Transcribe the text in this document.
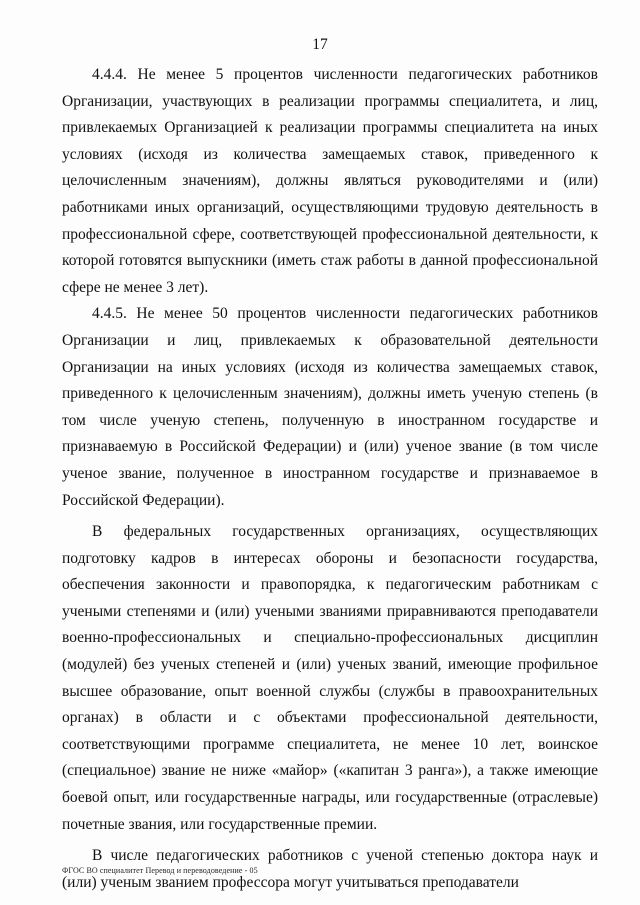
17

4.4.4. Не менее 5 процентов численности педагогических работников Организации, участвующих в реализации программы специалитета, и лиц, привлекаемых Организацией к реализации программы специалитета на иных условиях (исходя из количества замещаемых ставок, приведенного к целочисленным значениям), должны являться руководителями и (или) работниками иных организаций, осуществляющими трудовую деятельность в профессиональной сфере, соответствующей профессиональной деятельности, к которой готовятся выпускники (иметь стаж работы в данной профессиональной сфере не менее 3 лет).

4.4.5. Не менее 50 процентов численности педагогических работников Организации и лиц, привлекаемых к образовательной деятельности Организации на иных условиях (исходя из количества замещаемых ставок, приведенного к целочисленным значениям), должны иметь ученую степень (в том числе ученую степень, полученную в иностранном государстве и признаваемую в Российской Федерации) и (или) ученое звание (в том числе ученое звание, полученное в иностранном государстве и признаваемое в Российской Федерации).

В федеральных государственных организациях, осуществляющих подготовку кадров в интересах обороны и безопасности государства, обеспечения законности и правопорядка, к педагогическим работникам с учеными степенями и (или) учеными званиями приравниваются преподаватели военно-профессиональных и специально-профессиональных дисциплин (модулей) без ученых степеней и (или) ученых званий, имеющие профильное высшее образование, опыт военной службы (службы в правоохранительных органах) в области и с объектами профессиональной деятельности, соответствующими программе специалитета, не менее 10 лет, воинское (специальное) звание не ниже «майор» («капитан 3 ранга»), а также имеющие боевой опыт, или государственные награды, или государственные (отраслевые) почетные звания, или государственные премии.

В числе педагогических работников с ученой степенью доктора наук и (или) ученым званием профессора могут учитываться преподаватели

ФГОС ВО специалитет Перевод и переводоведение - 05
